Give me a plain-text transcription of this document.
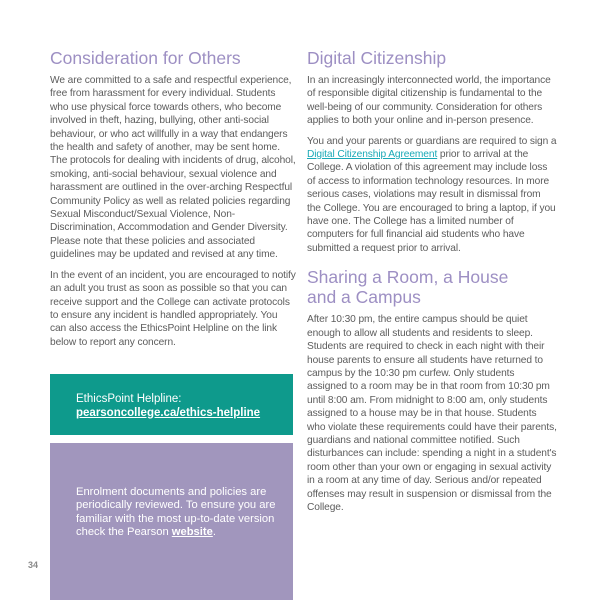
Consideration for Others

We are committed to a safe and respectful experience, free from harassment for every individual. Students who use physical force towards others, who become involved in theft, hazing, bullying, other anti-social behaviour, or who act willfully in a way that endangers the health and safety of another, may be sent home. The protocols for dealing with incidents of drug, alcohol, smoking, anti-social behaviour, sexual violence and harassment are outlined in the over-arching Respectful Community Policy as well as related policies regarding Sexual Misconduct/Sexual Violence, Non-Discrimination, Accommodation and Gender Diversity. Please note that these policies and associated guidelines may be updated and revised at any time.

In the event of an incident, you are encouraged to notify an adult you trust as soon as possible so that you can receive support and the College can activate protocols to ensure any incident is handled appropriately. You can also access the EthicsPoint Helpline on the link below to report any concern.

EthicsPoint Helpline:
pearsoncollege.ca/ethics-helpline
Enrolment documents and policies are periodically reviewed. To ensure you are familiar with the most up-to-date version check the Pearson website.
Digital Citizenship

In an increasingly interconnected world, the importance of responsible digital citizenship is fundamental to the well-being of our community. Consideration for others applies to both your online and in-person presence.

You and your parents or guardians are required to sign a Digital Citizenship Agreement prior to arrival at the College. A violation of this agreement may include loss of access to information technology resources. In more serious cases, violations may result in dismissal from the College. You are encouraged to bring a laptop, if you have one. The College has a limited number of computers for full financial aid students who have submitted a request prior to arrival.

Sharing a Room, a House
and a Campus

After 10:30 pm, the entire campus should be quiet enough to allow all students and residents to sleep. Students are required to check in each night with their house parents to ensure all students have returned to campus by the 10:30 pm curfew. Only students assigned to a room may be in that room from 10:30 pm until 8:00 am. From midnight to 8:00 am, only students assigned to a house may be in that house. Students who violate these requirements could have their parents, guardians and national committee notified. Such disturbances can include: spending a night in a student's room other than your own or engaging in sexual activity in a room at any time of day. Serious and/or repeated offenses may result in suspension or dismissal from the College.

34
